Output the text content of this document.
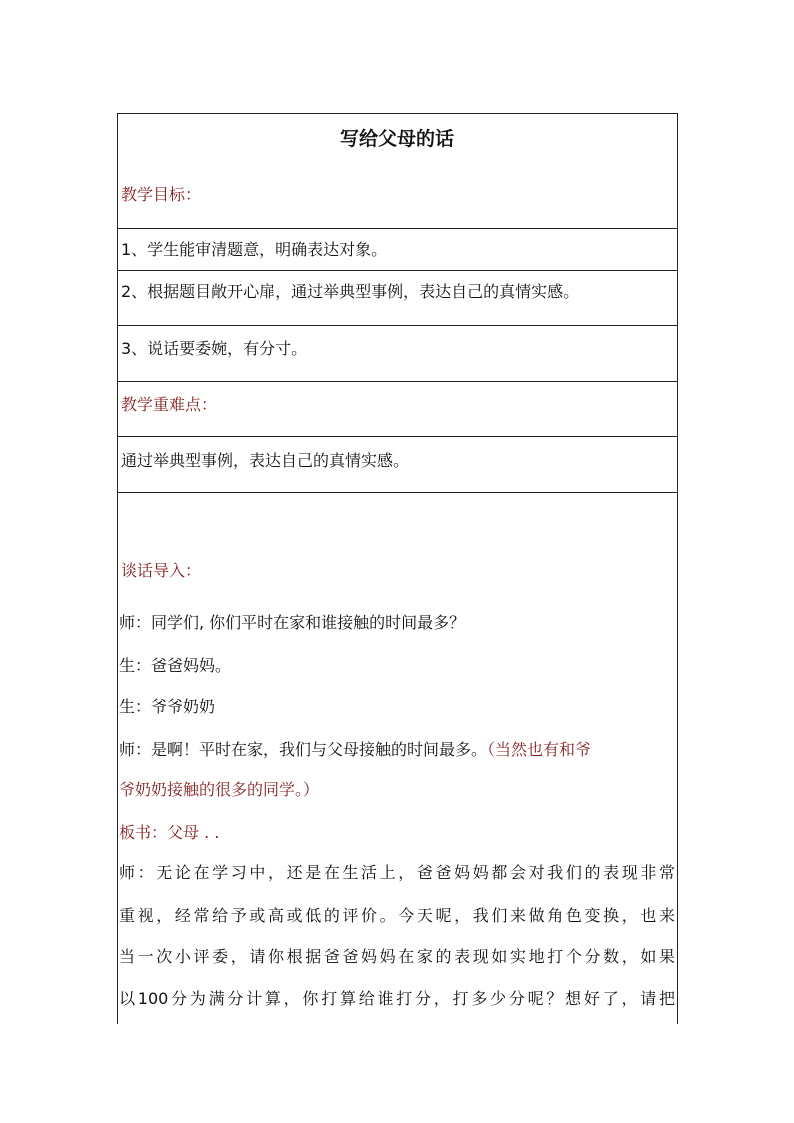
写给父母的话
教学目标：
1、学生能审清题意，明确表达对象。
2、根据题目敞开心扉，通过举典型事例，表达自己的真情实感。
3、说话要委婉，有分寸。
教学重难点：
通过举典型事例，表达自己的真情实感。
谈话导入：
师：同学们, 你们平时在家和谁接触的时间最多？
生：爸爸妈妈。
生：爷爷奶奶
师：是啊！平时在家，我们与父母接触的时间最多。（当然也有和爷
爷奶奶接触的很多的同学。）
板书：父母 . .
师：无论在学习中，还是在生活上，爸爸妈妈都会对我们的表现非常
重视，经常给予或高或低的评价。今天呢，我们来做角色变换，也来
当一次小评委，请你根据爸爸妈妈在家的表现如实地打个分数，如果
以100分为满分计算，你打算给谁打分，打多少分呢？想好了，请把
